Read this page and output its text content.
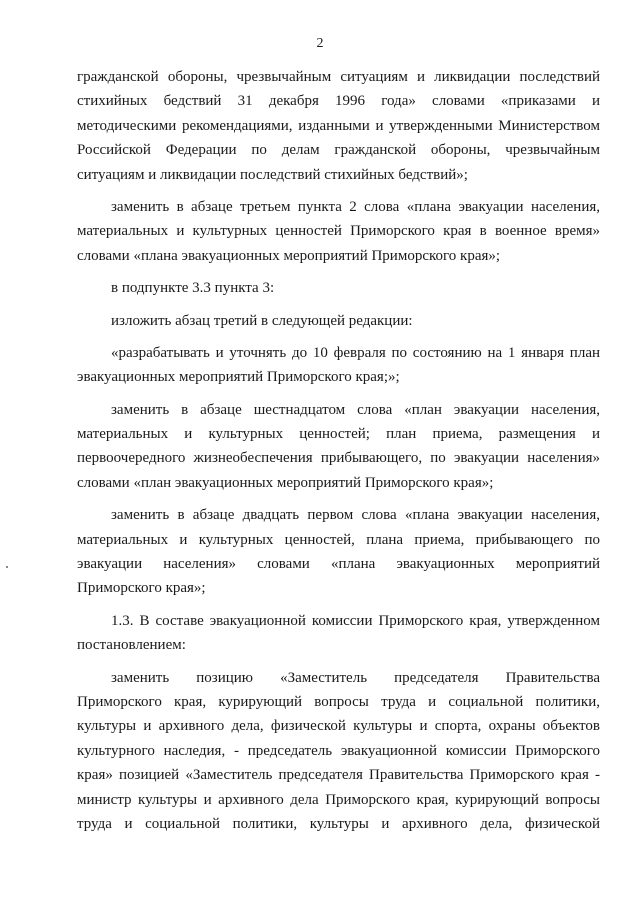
2
гражданской обороны, чрезвычайным ситуациям и ликвидации последствий
стихийных бедствий 31 декабря 1996 года» словами «приказами и
методическими рекомендациями, изданными и утвержденными Министерством
Российской Федерации по делам гражданской обороны, чрезвычайным
ситуациям и ликвидации последствий стихийных бедствий»;
заменить в абзаце третьем пункта 2 слова «плана эвакуации населения,
материальных и культурных ценностей Приморского края в военное время»
словами «плана эвакуационных мероприятий Приморского края»;
в подпункте 3.3 пункта 3:
изложить абзац третий в следующей редакции:
«разрабатывать и уточнять до 10 февраля по состоянию на 1 января план
эвакуационных мероприятий Приморского края;»;
заменить в абзаце шестнадцатом слова «план эвакуации населения,
материальных и культурных ценностей; план приема, размещения и
первоочередного жизнеобеспечения прибывающего, по эвакуации населения»
словами «план эвакуационных мероприятий Приморского края»;
заменить в абзаце двадцать первом слова «плана эвакуации населения,
материальных и культурных ценностей, плана приема, прибывающего по
эвакуации населения» словами «плана эвакуационных мероприятий
Приморского края»;
1.3. В составе эвакуационной комиссии Приморского края, утвержденном
постановлением:
заменить позицию «Заместитель председателя Правительства
Приморского края, курирующий вопросы труда и социальной политики,
культуры и архивного дела, физической культуры и спорта, охраны объектов
культурного наследия, - председатель эвакуационной комиссии Приморского
края» позицией «Заместитель председателя Правительства Приморского края -
министр культуры и архивного дела Приморского края, курирующий вопросы
труда и социальной политики, культуры и архивного дела, физической
